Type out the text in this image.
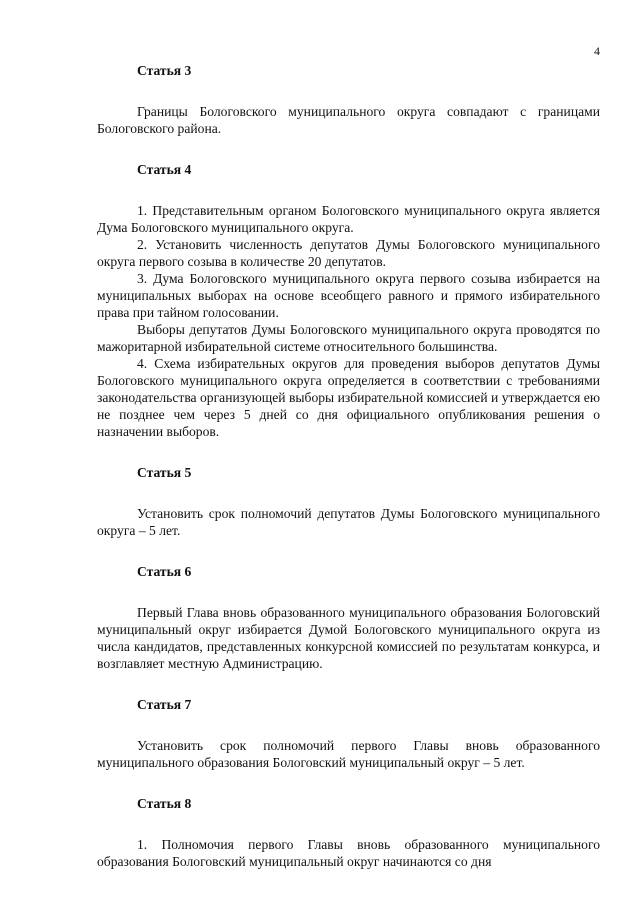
4
Статья 3

Границы Бологовского муниципального округа совпадают с границами Бологовского района.

Статья 4

1. Представительным органом Бологовского муниципального округа является Дума Бологовского муниципального округа.

2. Установить численность депутатов Думы Бологовского муниципального округа первого созыва в количестве 20 депутатов.

3. Дума Бологовского муниципального округа первого созыва избирается на муниципальных выборах на основе всеобщего равного и прямого избирательного права при тайном голосовании.

Выборы депутатов Думы Бологовского муниципального округа проводятся по мажоритарной избирательной системе относительного большинства.

4. Схема избирательных округов для проведения выборов депутатов Думы Бологовского муниципального округа определяется в соответствии с требованиями законодательства организующей выборы избирательной комиссией и утверждается ею не позднее чем через 5 дней со дня официального опубликования решения о назначении выборов.

Статья 5

Установить срок полномочий депутатов Думы Бологовского муниципального округа – 5 лет.

Статья 6

Первый Глава вновь образованного муниципального образования Бологовский муниципальный округ избирается Думой Бологовского муниципального округа из числа кандидатов, представленных конкурсной комиссией по результатам конкурса, и возглавляет местную Администрацию.

Статья 7

Установить срок полномочий первого Главы вновь образованного муниципального образования Бологовский муниципальный округ – 5 лет.

Статья 8

1. Полномочия первого Главы вновь образованного муниципального образования Бологовский муниципальный округ начинаются со дня
